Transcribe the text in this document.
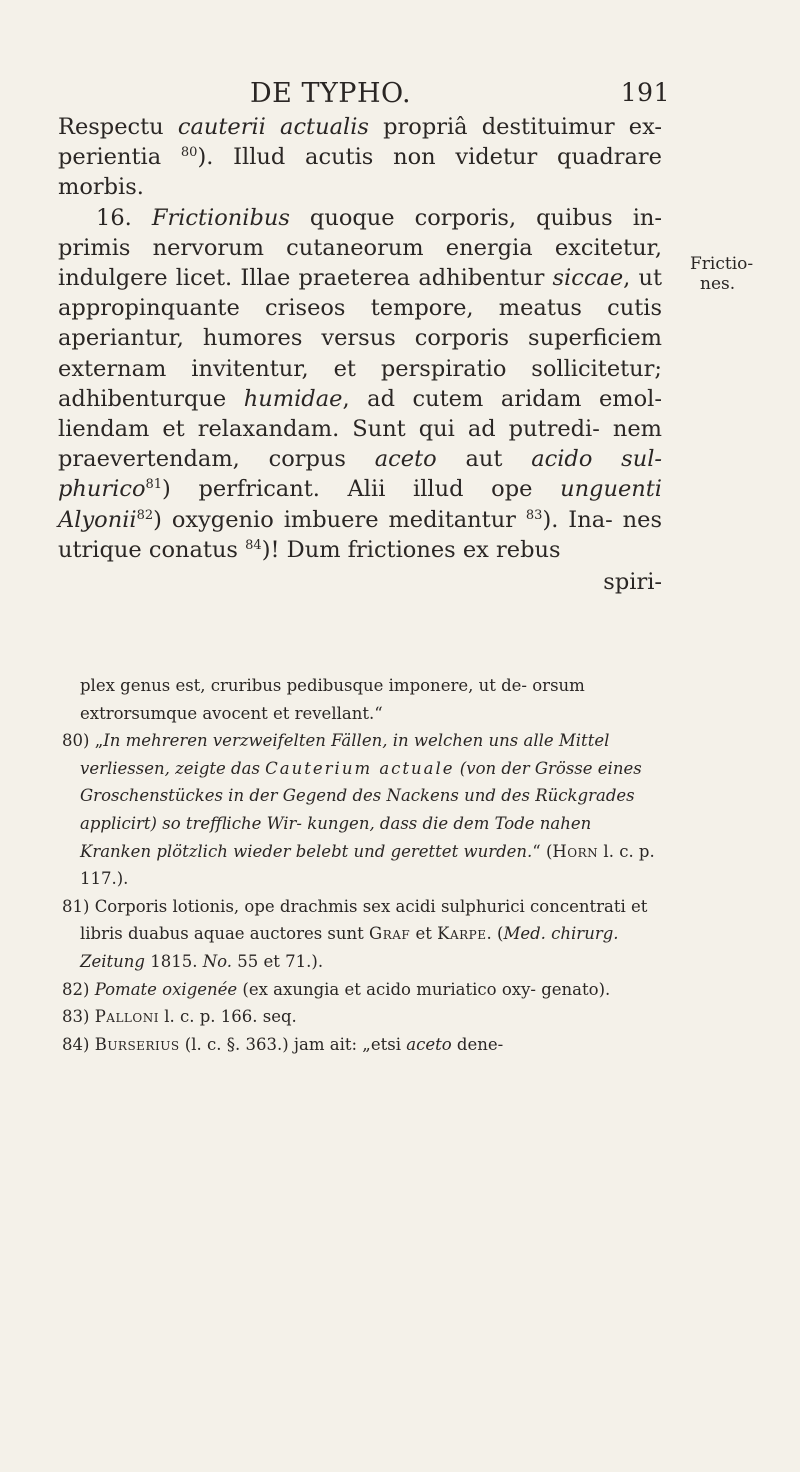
DE TYPHO.	191
Frictio-
nes.

Respectu cauterii actualis propriâ destituimur ex- perientia $^{80}$). Illud acutis non videtur quadrare morbis.

16. Frictionibus quoque corporis, quibus in- primis nervorum cutaneorum energia excitetur, indulgere licet. Illae praeterea adhibentur siccae, ut appropinquante criseos tempore, meatus cutis aperiantur, humores versus corporis superficiem externam invitentur, et perspiratio sollicitetur; adhibenturque humidae, ad cutem aridam emol- liendam et relaxandam. Sunt qui ad putredi- nem praevertendam, corpus aceto aut acido sul- phurico$^{81}$) perfricant. Alii illud ope unguenti Alyonii$^{82}$) oxygenio imbuere meditantur $^{83}$). Ina- nes utrique conatus $^{84}$)! Dum frictiones ex rebus

spiri-

plex genus est, cruribus pedibusque imponere, ut de- orsum extrorsumque avocent et revellant.“

80) „In mehreren verzweifelten Fällen, in welchen uns alle Mittel verliessen, zeigte das Cauterium actuale (von der Grösse eines Groschenstückes in der Gegend des Nackens und des Rückgrades applicirt) so treffliche Wir- kungen, dass die dem Tode nahen Kranken plötzlich wieder belebt und gerettet wurden.“ (Horn l. c. p. 117.).

81) Corporis lotionis, ope drachmis sex acidi sulphurici concentrati et libris duabus aquae auctores sunt Graf et Karpe. (Med. chirurg. Zeitung 1815. No. 55 et 71.).

82) Pomate oxigenée (ex axungia et acido muriatico oxy- genato).

83) Palloni l. c. p. 166. seq.

84) Burserius (l. c. §. 363.) jam ait: „etsi aceto dene-
